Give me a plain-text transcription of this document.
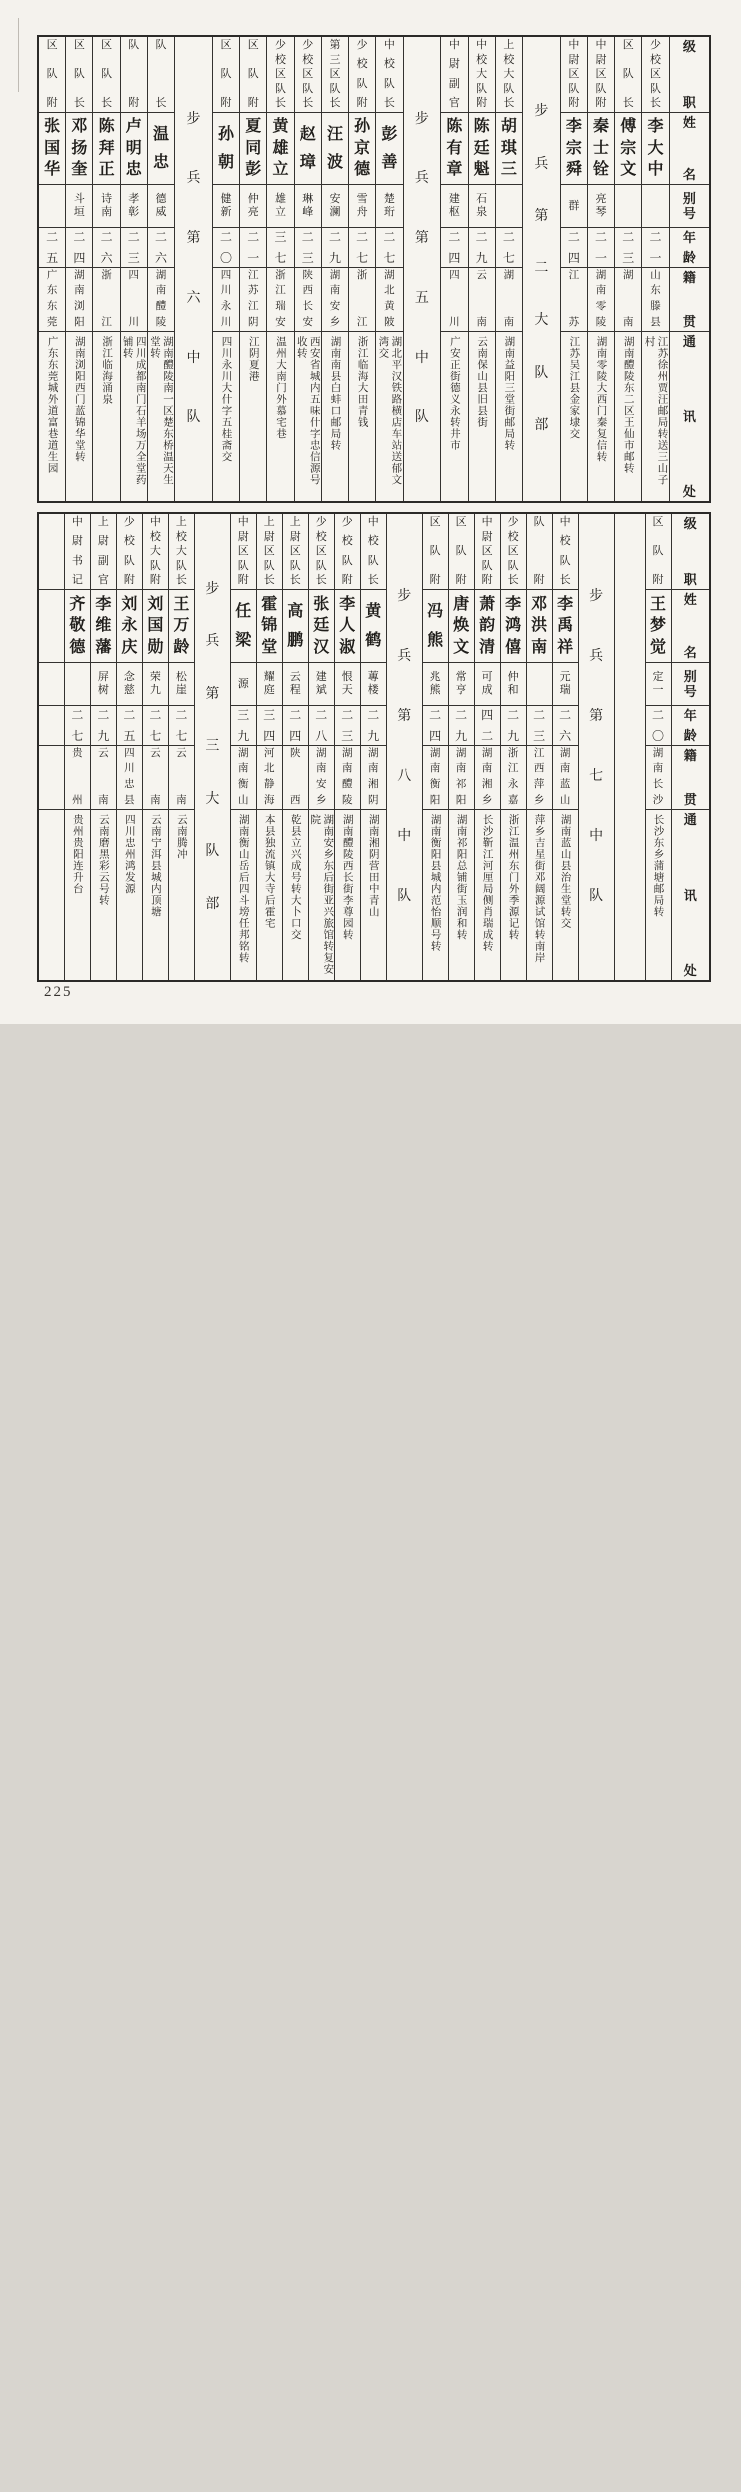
级
职
姓
名
别
号
年
龄
籍
贯
通
讯
处
少
校
区
队
长
李
大
中
二
一
山
东
滕
县
江苏徐州贾汪邮局转送三山子村
区
队
长
傅
宗
文
二
三
湖
南
湖南醴陵东二区王仙市邮转
中
尉
区
队
附
秦
士
铨
亮
琴
二
一
湖
南
零
陵
湖南零陵大西门秦复信转
中
尉
区
队
附
李
宗
舜
群
二
四
江
苏
江苏吴江县金家埭交
步
兵
第
二
大
队
部
上
校
大
队
长
胡
琪
三
二
七
湖
南
湖南益阳三堂街邮局转
中
校
大
队
附
陈
廷
魁
石
泉
二
九
云
南
云南保山县旧县街
中
尉
副
官
陈
有
章
建
枢
二
四
四
川
广安正街德义永转井市
步
兵
第
五
中
队
中
校
队
长
彭
善
楚
珩
二
七
湖
北
黄
陂
湖北平汉铁路横店车站送郁文湾交
少
校
队
附
孙
京
德
雪
舟
二
七
浙
江
浙江临海大田青钱
第
三
区
队
长
汪
波
安
澜
二
九
湖
南
安
乡
湖南南县白蚌口邮局转
少
校
区
队
长
赵
璋
琳
峰
二
三
陕
西
长
安
西安省城内五味什字忠信源号收转
少
校
区
队
长
黄
雄
立
雄
立
三
七
浙
江
瑞
安
温州大南门外慕宅巷
区
队
附
夏
同
彭
仲
亮
二
一
江
苏
江
阴
江阴夏港
区
队
附
孙
朝
健
新
二
〇
四
川
永
川
四川永川大什字五桂斋交
步
兵
第
六
中
队
队
长
温
忠
德
威
二
六
湖
南
醴
陵
湖南醴陵南一区楚东桥温天生堂转
队
附
卢
明
忠
孝
彰
二
三
四
川
四川成都南门石羊场万全堂药铺转
区
队
长
陈
拜
正
诗
南
二
六
浙
江
浙江临海涌泉
区
队
长
邓
扬
奎
斗
垣
二
四
湖
南
浏
阳
湖南浏阳西门蓝锦华堂转
区
队
附
张
国
华
二
五
广
东
东
莞
广东东莞城外道富巷道生园
级
职
姓
名
别
号
年
龄
籍
贯
通
讯
处
区
队
附
王
梦
觉
定
一
二
〇
湖
南
长
沙
长沙东乡蒲塘邮局转
步
兵
第
七
中
队
中
校
队
长
李
禹
祥
元
瑞
二
六
湖
南
蓝
山
湖南蓝山县治生堂转交
队
附
邓
洪
南
二
三
江
西
萍
乡
萍乡吉星街邓阔源试馆转南岸
少
校
区
队
长
李
鸿
僖
仲
和
二
九
浙
江
永
嘉
浙江温州东门外季源记转
中
尉
区
队
附
萧
韵
清
可
成
四
二
湖
南
湘
乡
长沙靳江河厘局侧肖瑞成转
区
队
附
唐
焕
文
常
亨
二
九
湖
南
祁
阳
湖南祁阳总铺街玉润和转
区
队
附
冯
熊
兆
熊
二
四
湖
南
衡
阳
湖南衡阳县城内范怡顺号转
步
兵
第
八
中
队
中
校
队
长
黄
鹤
蓴
楼
二
九
湖
南
湘
阴
湖南湘阴营田中青山
少
校
队
附
李
人
淑
恨
天
二
三
湖
南
醴
陵
湖南醴陵西长街李尊园转
少
校
区
队
长
张
廷
汉
建
斌
二
八
湖
南
安
乡
湖南安乡东后街亚兴旅馆转复安院
上
尉
区
队
长
高
鹏
云
程
二
四
陕
西
乾县立兴成号转大卜口交
上
尉
区
队
长
霍
锦
堂
耀
庭
三
四
河
北
静
海
本县独流镇大寺后霍宅
中
尉
区
队
附
任
梁
源
三
九
湖
南
衡
山
湖南衡山岳后四斗塝任邦铭转
步
兵
第
三
大
队
部
上
校
大
队
长
王
万
龄
松
崖
二
七
云
南
云南腾冲
中
校
大
队
附
刘
国
勋
荣
九
二
七
云
南
云南宁洱县城内顶塘
少
校
队
附
刘
永
庆
念
慈
二
五
四
川
忠
县
四川忠州鸿发源
上
尉
副
官
李
维
藩
屏
树
二
九
云
南
云南磨黑彩云号转
中
尉
书
记
齐
敬
德
二
七
贵
州
贵州贵阳连升台
225
